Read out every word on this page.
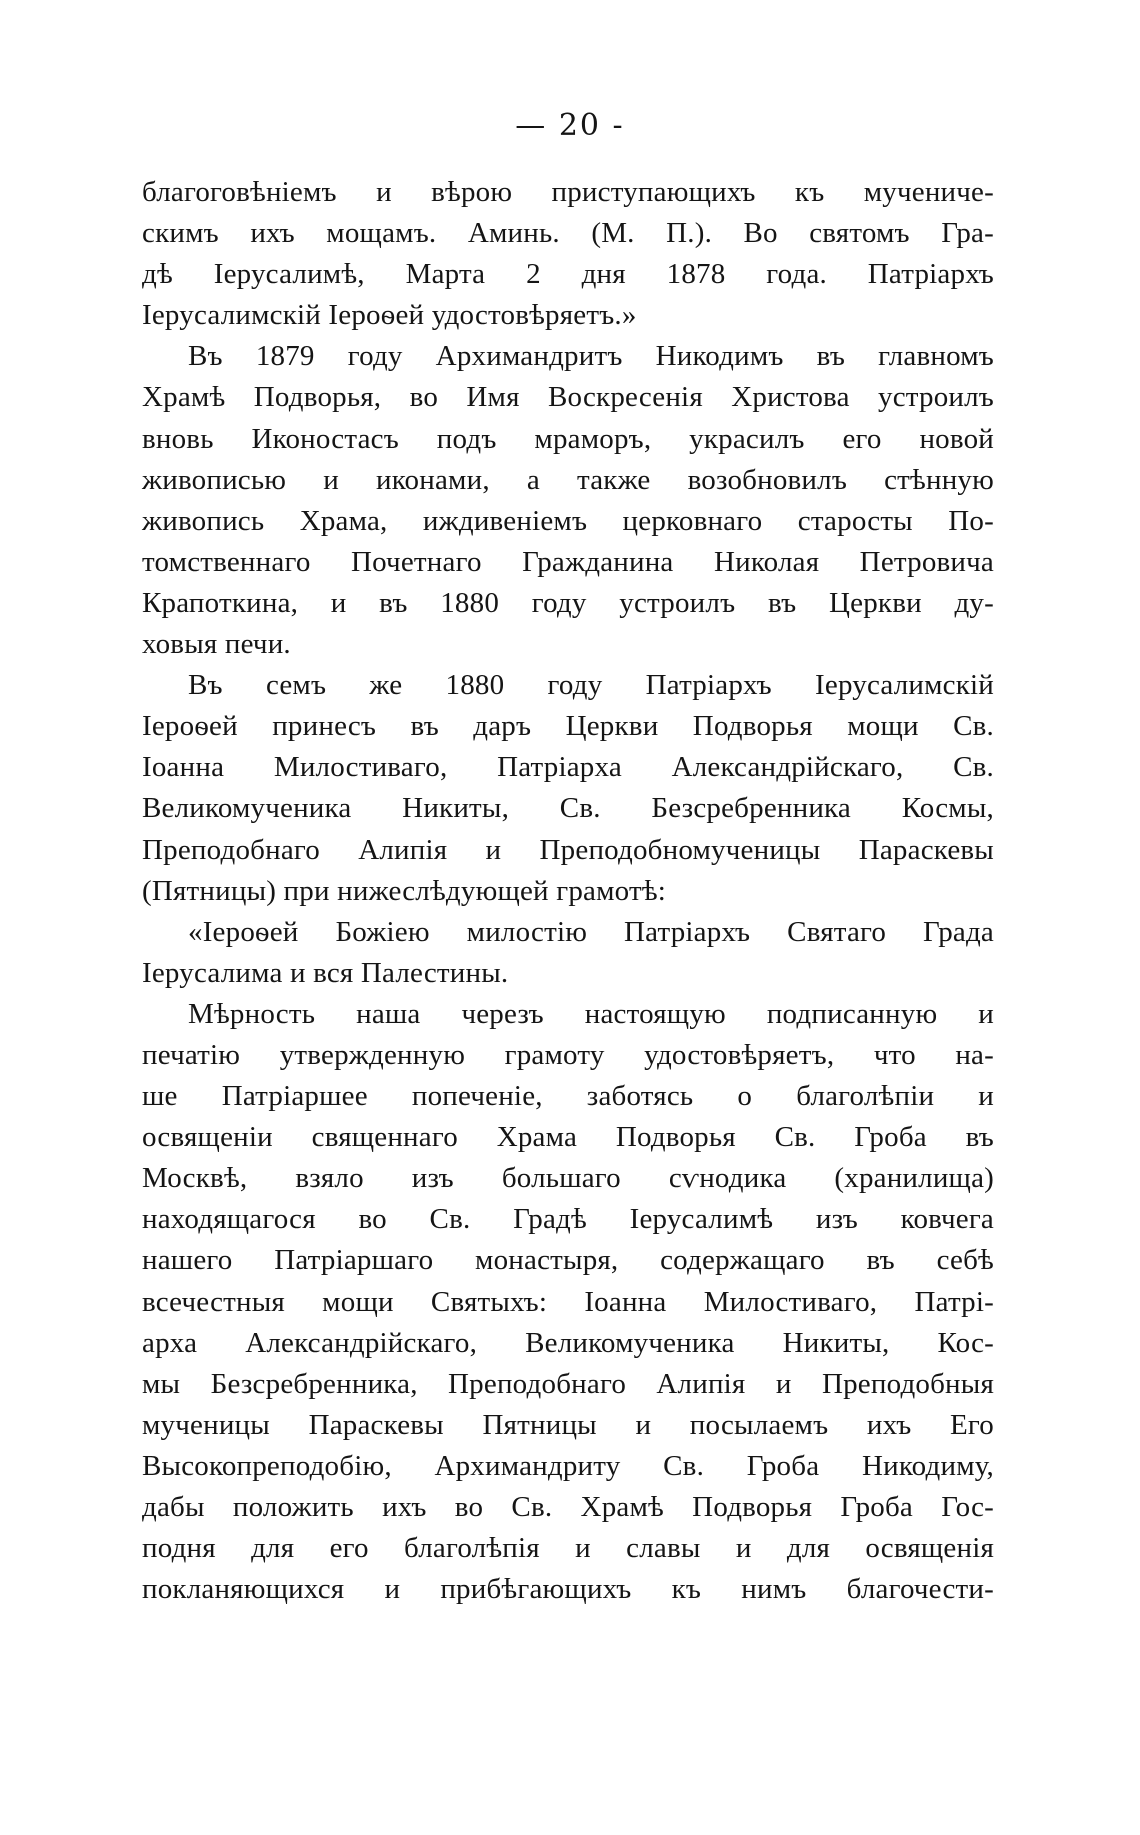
— 20 -
благоговѣніемъ и вѣрою приступающихъ къ мучениче-
скимъ ихъ мощамъ. Аминь. (М. П.). Во святомъ Гра-
дѣ Іерусалимѣ, Марта 2 дня 1878 года. Патріархъ
Іерусалимскій Іероѳей удостовѣряетъ.»
Въ 1879 году Архимандритъ Никодимъ въ главномъ
Храмѣ Подворья, во Имя Воскресенія Христова устроилъ
вновь Иконостасъ подъ мраморъ, украсилъ его новой
живописью и иконами, а также возобновилъ стѣнную
живопись Храма, иждивеніемъ церковнаго старосты По-
томственнаго Почетнаго Гражданина Николая Петровича
Крапоткина, и въ 1880 году устроилъ въ Церкви ду-
ховыя печи.
Въ семъ же 1880 году Патріархъ Іерусалимскій
Іероѳей принесъ въ даръ Церкви Подворья мощи Св.
Іоанна Милостиваго, Патріарха Александрійскаго, Св.
Великомученика Никиты, Св. Безсребренника Космы,
Преподобнаго Алипія и Преподобномученицы Параскевы
(Пятницы) при нижеслѣдующей грамотѣ:
«Іероѳей Божіею милостію Патріархъ Святаго Града
Іерусалима и вся Палестины.
Мѣрность наша черезъ настоящую подписанную и
печатію утвержденную грамоту удостовѣряетъ, что на-
ше Патріаршее попеченіе, заботясь о благолѣпіи и
освященіи священнаго Храма Подворья Св. Гроба въ
Москвѣ, взяло изъ большаго сѵнодика (хранилища)
находящагося во Св. Градѣ Іерусалимѣ изъ ковчега
нашего Патріаршаго монастыря, содержащаго въ себѣ
всечестныя мощи Святыхъ: Іоанна Милостиваго, Патрі-
арха Александрійскаго, Великомученика Никиты, Кос-
мы Безсребренника, Преподобнаго Алипія и Преподобныя
мученицы Параскевы Пятницы и посылаемъ ихъ Его
Высокопреподобію, Архимандриту Св. Гроба Никодиму,
дабы положить ихъ во Св. Храмѣ Подворья Гроба Гос-
подня для его благолѣпія и славы и для освященія
покланяющихся и прибѣгающихъ къ нимъ благочести-
